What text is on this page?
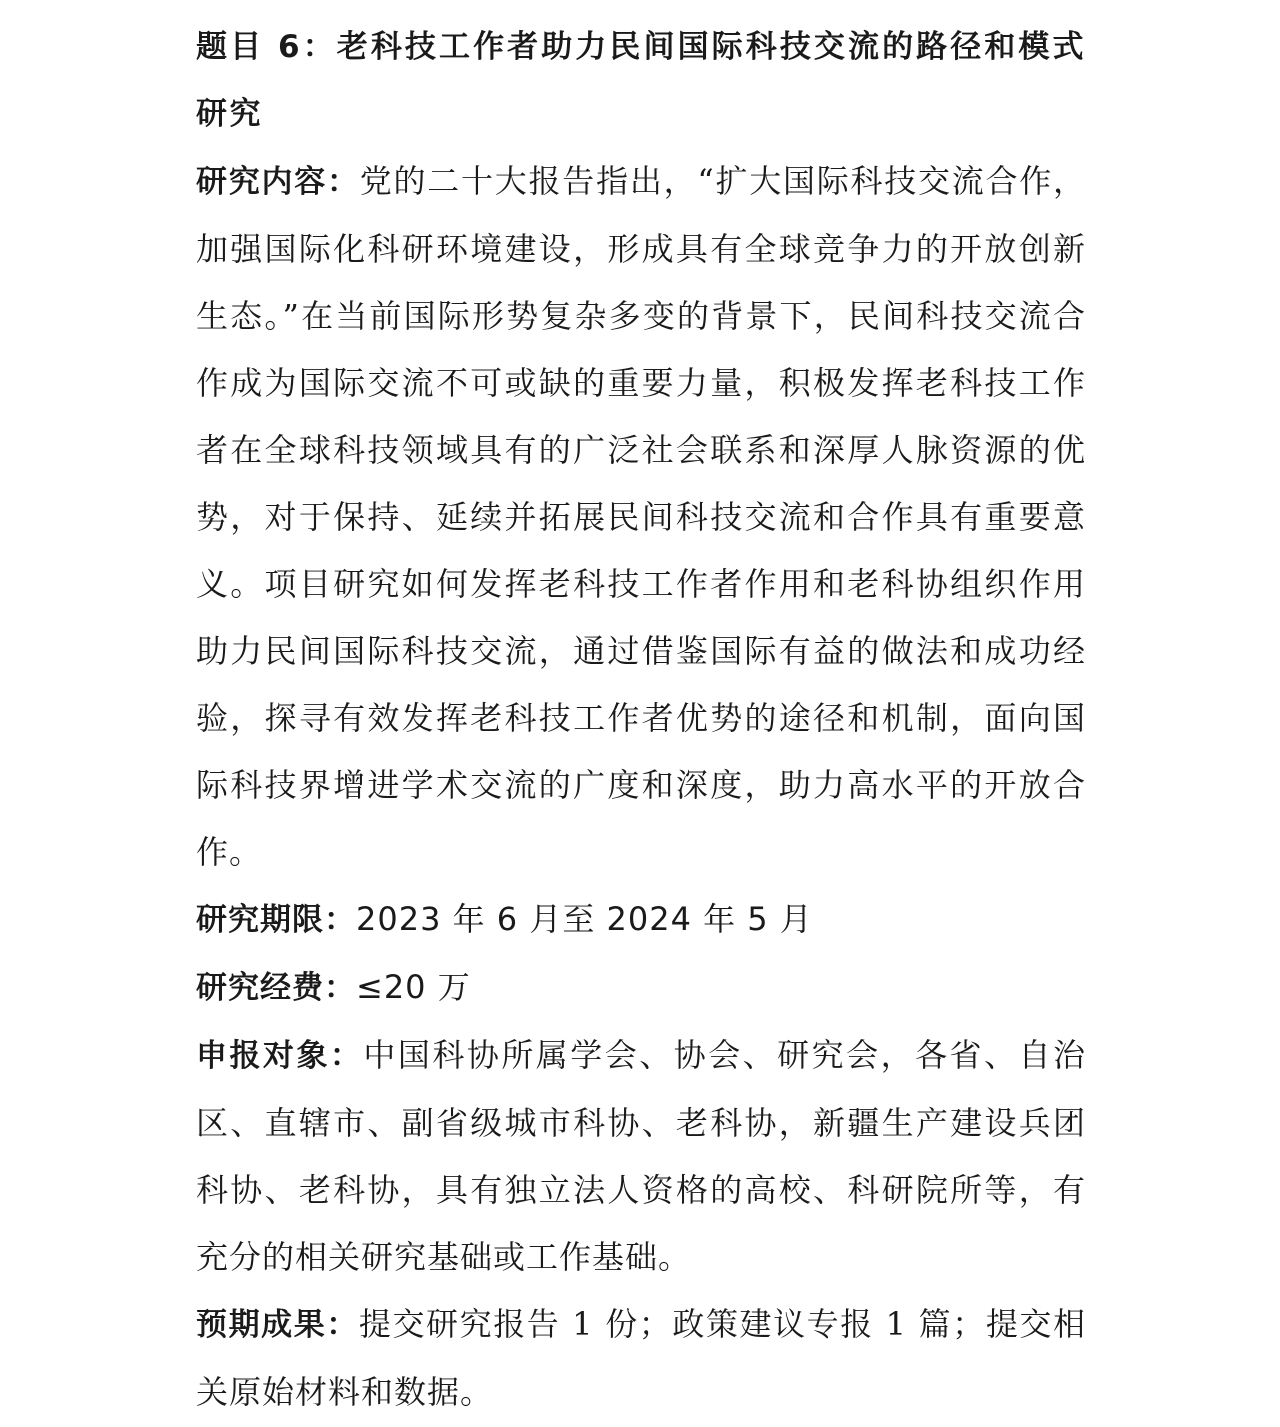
题目 6：老科技工作者助力民间国际科技交流的路径和模式研究

研究内容：党的二十大报告指出，“扩大国际科技交流合作，加强国际化科研环境建设，形成具有全球竞争力的开放创新生态。”在当前国际形势复杂多变的背景下，民间科技交流合作成为国际交流不可或缺的重要力量，积极发挥老科技工作者在全球科技领域具有的广泛社会联系和深厚人脉资源的优势，对于保持、延续并拓展民间科技交流和合作具有重要意义。项目研究如何发挥老科技工作者作用和老科协组织作用助力民间国际科技交流，通过借鉴国际有益的做法和成功经验，探寻有效发挥老科技工作者优势的途径和机制，面向国际科技界增进学术交流的广度和深度，助力高水平的开放合作。

研究期限：2023 年 6 月至 2024 年 5 月

研究经费：≤20 万

申报对象：中国科协所属学会、协会、研究会，各省、自治区、直辖市、副省级城市科协、老科协，新疆生产建设兵团科协、老科协，具有独立法人资格的高校、科研院所等，有充分的相关研究基础或工作基础。

预期成果：提交研究报告 1 份；政策建议专报 1 篇；提交相关原始材料和数据。
